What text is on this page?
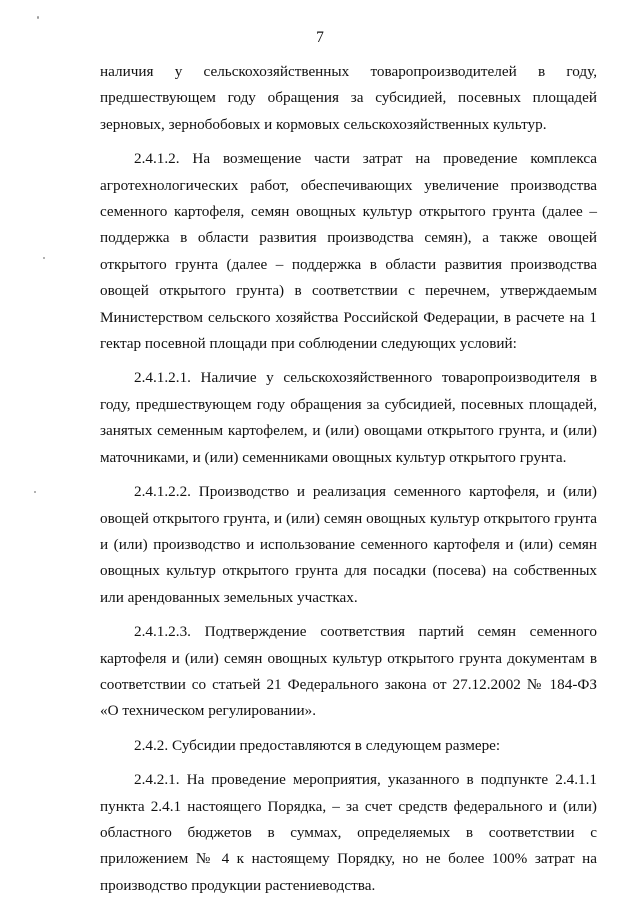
7

наличия у сельскохозяйственных товаропроизводителей в году, предшествующем году обращения за субсидией, посевных площадей зерновых, зернобобовых и кормовых сельскохозяйственных культур.

2.4.1.2. На возмещение части затрат на проведение комплекса агротехнологических работ, обеспечивающих увеличение производства семенного картофеля, семян овощных культур открытого грунта (далее – поддержка в области развития производства семян), а также овощей открытого грунта (далее – поддержка в области развития производства овощей открытого грунта) в соответствии с перечнем, утверждаемым Министерством сельского хозяйства Российской Федерации, в расчете на 1 гектар посевной площади при соблюдении следующих условий:

2.4.1.2.1. Наличие у сельскохозяйственного товаропроизводителя в году, предшествующем году обращения за субсидией, посевных площадей, занятых семенным картофелем, и (или) овощами открытого грунта, и (или) маточниками, и (или) семенниками овощных культур открытого грунта.

2.4.1.2.2. Производство и реализация семенного картофеля, и (или) овощей открытого грунта, и (или) семян овощных культур открытого грунта и (или) производство и использование семенного картофеля и (или) семян овощных культур открытого грунта для посадки (посева) на собственных или арендованных земельных участках.

2.4.1.2.3. Подтверждение соответствия партий семян семенного картофеля и (или) семян овощных культур открытого грунта документам в соответствии со статьей 21 Федерального закона от 27.12.2002 № 184-ФЗ «О техническом регулировании».

2.4.2. Субсидии предоставляются в следующем размере:

2.4.2.1. На проведение мероприятия, указанного в подпункте 2.4.1.1 пункта 2.4.1 настоящего Порядка, – за счет средств федерального и (или) областного бюджетов в суммах, определяемых в соответствии с приложением № 4 к настоящему Порядку, но не более 100% затрат на производство продукции растениеводства.
